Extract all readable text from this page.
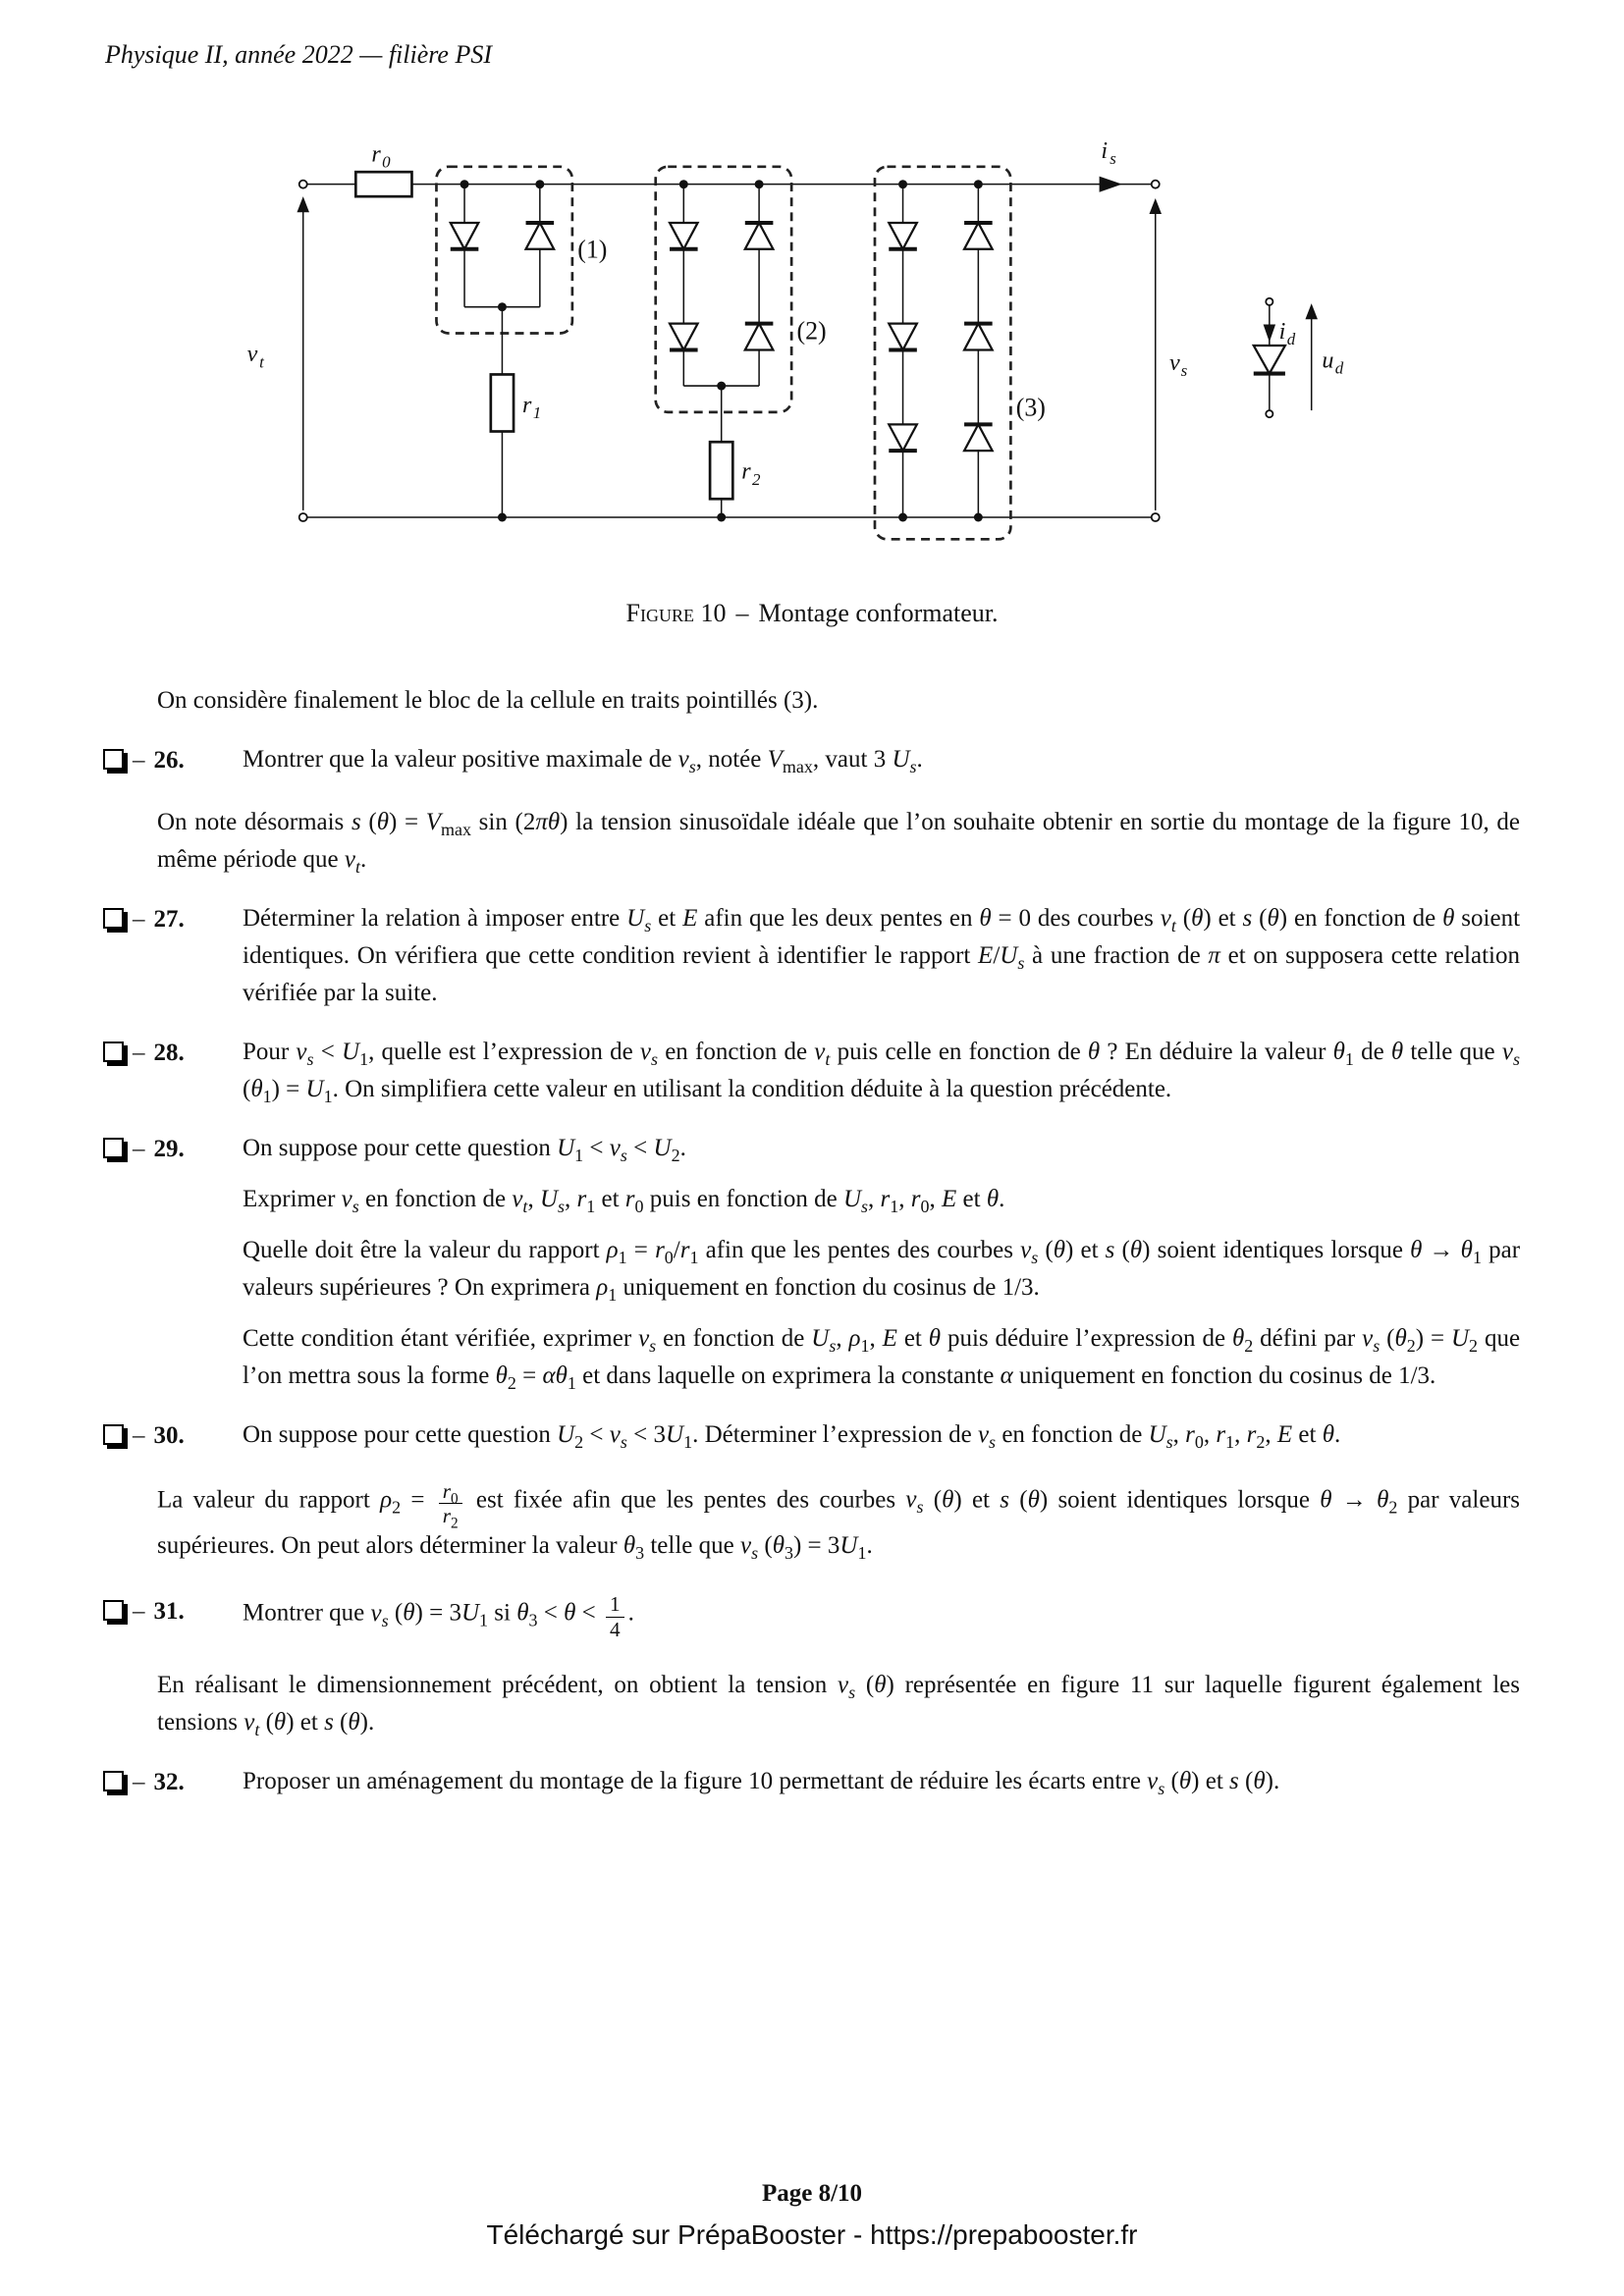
Physique II, année 2022 — filière PSI
v t
r 0
(1)
r 1
(2)
r 2
(3)
i s
v s
i d
u d
Figure 10 – Montage conformateur.
On considère finalement le bloc de la cellule en traits pointillés (3).
– 26. Montrer que la valeur positive maximale de $v_s$, notée $V_{max}$, vaut 3 $U_s$.
On note désormais s $(\theta) = V_{max}$ sin (2πθ) la tension sinusoïdale idéale que l’on souhaite obtenir en sortie du montage de la figure 10, de même période que $v_t$.
– 27. Déterminer la relation à imposer entre $U_s$ et E afin que les deux pentes en θ = 0 des courbes $v_t$ (θ) et s (θ) en fonction de θ soient identiques. On vérifiera que cette condition revient à identifier le rapport $E/U_s$ à une fraction de π et on supposera cette relation vérifiée par la suite.
– 28. Pour $v_s < U_1$, quelle est l’expression de $v_s$ en fonction de $v_t$ puis celle en fonction de θ ? En déduire la valeur $\theta_1$ de θ telle que $v_s$ $(\theta_1) = U_1$. On simplifiera cette valeur en utilisant la condition déduite à la question précédente.
– 29. On suppose pour cette question $U_1 < v_s < U_2$.
Exprimer $v_s$ en fonction de $v_t$, $U_s$, $r_1$ et $r_0$ puis en fonction de $U_s$, $r_1$, $r_0$, E et θ.
Quelle doit être la valeur du rapport $\rho_1 = r_0/r_1$ afin que les pentes des courbes $v_s$ (θ) et s (θ) soient identiques lorsque $\theta \to \theta_1$ par valeurs supérieures ? On exprimera $\rho_1$ uniquement en fonction du cosinus de 1/3.
Cette condition étant vérifiée, exprimer $v_s$ en fonction de $U_s$, $\rho_1$, E et θ puis déduire l’expression de $\theta_2$ défini par $v_s$ $(\theta_2) = U_2$ que l’on mettra sous la forme $\theta_2 = \alpha\theta_1$ et dans laquelle on exprimera la constante α uniquement en fonction du cosinus de 1/3.
– 30. On suppose pour cette question $U_2 < v_s < 3U_1$. Déterminer l’expression de $v_s$ en fonction de $U_s$, $r_0$, $r_1$, $r_2$, E et θ.
La valeur du rapport $\rho_2 = \frac{r_0}{r_2}$ est fixée afin que les pentes des courbes $v_s$ (θ) et s (θ) soient identiques lorsque $\theta \to \theta_2$ par valeurs supérieures. On peut alors déterminer la valeur $\theta_3$ telle que $v_s$ $(\theta_3) = 3U_1$.
– 31. Montrer que $v_s$ $(\theta) = 3U_1$ si $\theta_3 < \theta < \frac{1}{4}$ .
En réalisant le dimensionnement précédent, on obtient la tension $v_s$ (θ) représentée en figure 11 sur laquelle figurent également les tensions $v_t$ (θ) et s (θ).
– 32. Proposer un aménagement du montage de la figure 10 permettant de réduire les écarts entre $v_s$ (θ) et s (θ).
Page 8/10
Téléchargé sur PrépaBooster - https://prepabooster.fr
